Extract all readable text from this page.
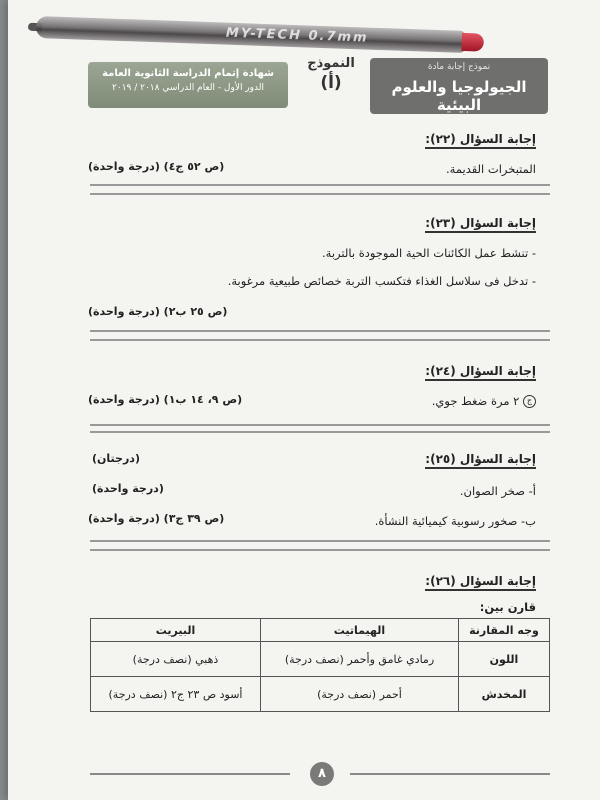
MY-TECH 0.7mm
نموذج إجابة مادة
الجيولوجيا والعلوم البيئية
النموذج
(أ)
شهادة إتمام الدراسة الثانوية العامة
الدور الأول - العام الدراسي ٢٠١٨ / ٢٠١٩
إجابة السؤال (٢٢):
المتبخرات القديمة.
(ص ٥٢ ج٤) (درجة واحدة)
إجابة السؤال (٢٣):
- تنشط عمل الكائنات الحية الموجودة بالتربة.
- تدخل فى سلاسل الغذاء فتكسب التربة خصائص طبيعية مرغوبة.
(ص ٢٥ ب٢) (درجة واحدة)
إجابة السؤال (٢٤):
ج ٢ مرة ضغط جوي.
(ص ٩، ١٤ ب١) (درجة واحدة)
إجابة السؤال (٢٥):
(درجتان)
أ- صخر الصوان.
(درجة واحدة)
ب- صخور رسوبية كيميائية النشأة.
(ص ٣٩ ج٣) (درجة واحدة)
إجابة السؤال (٢٦):
قارن بين:
وجه المقارنة	الهيماتيت	البيريت
اللون	رمادي غامق وأحمر (نصف درجة)	ذهبي (نصف درجة)
المخدش	أحمر (نصف درجة)	أسود ص ٢٣ ج٢ (نصف درجة)
٨
